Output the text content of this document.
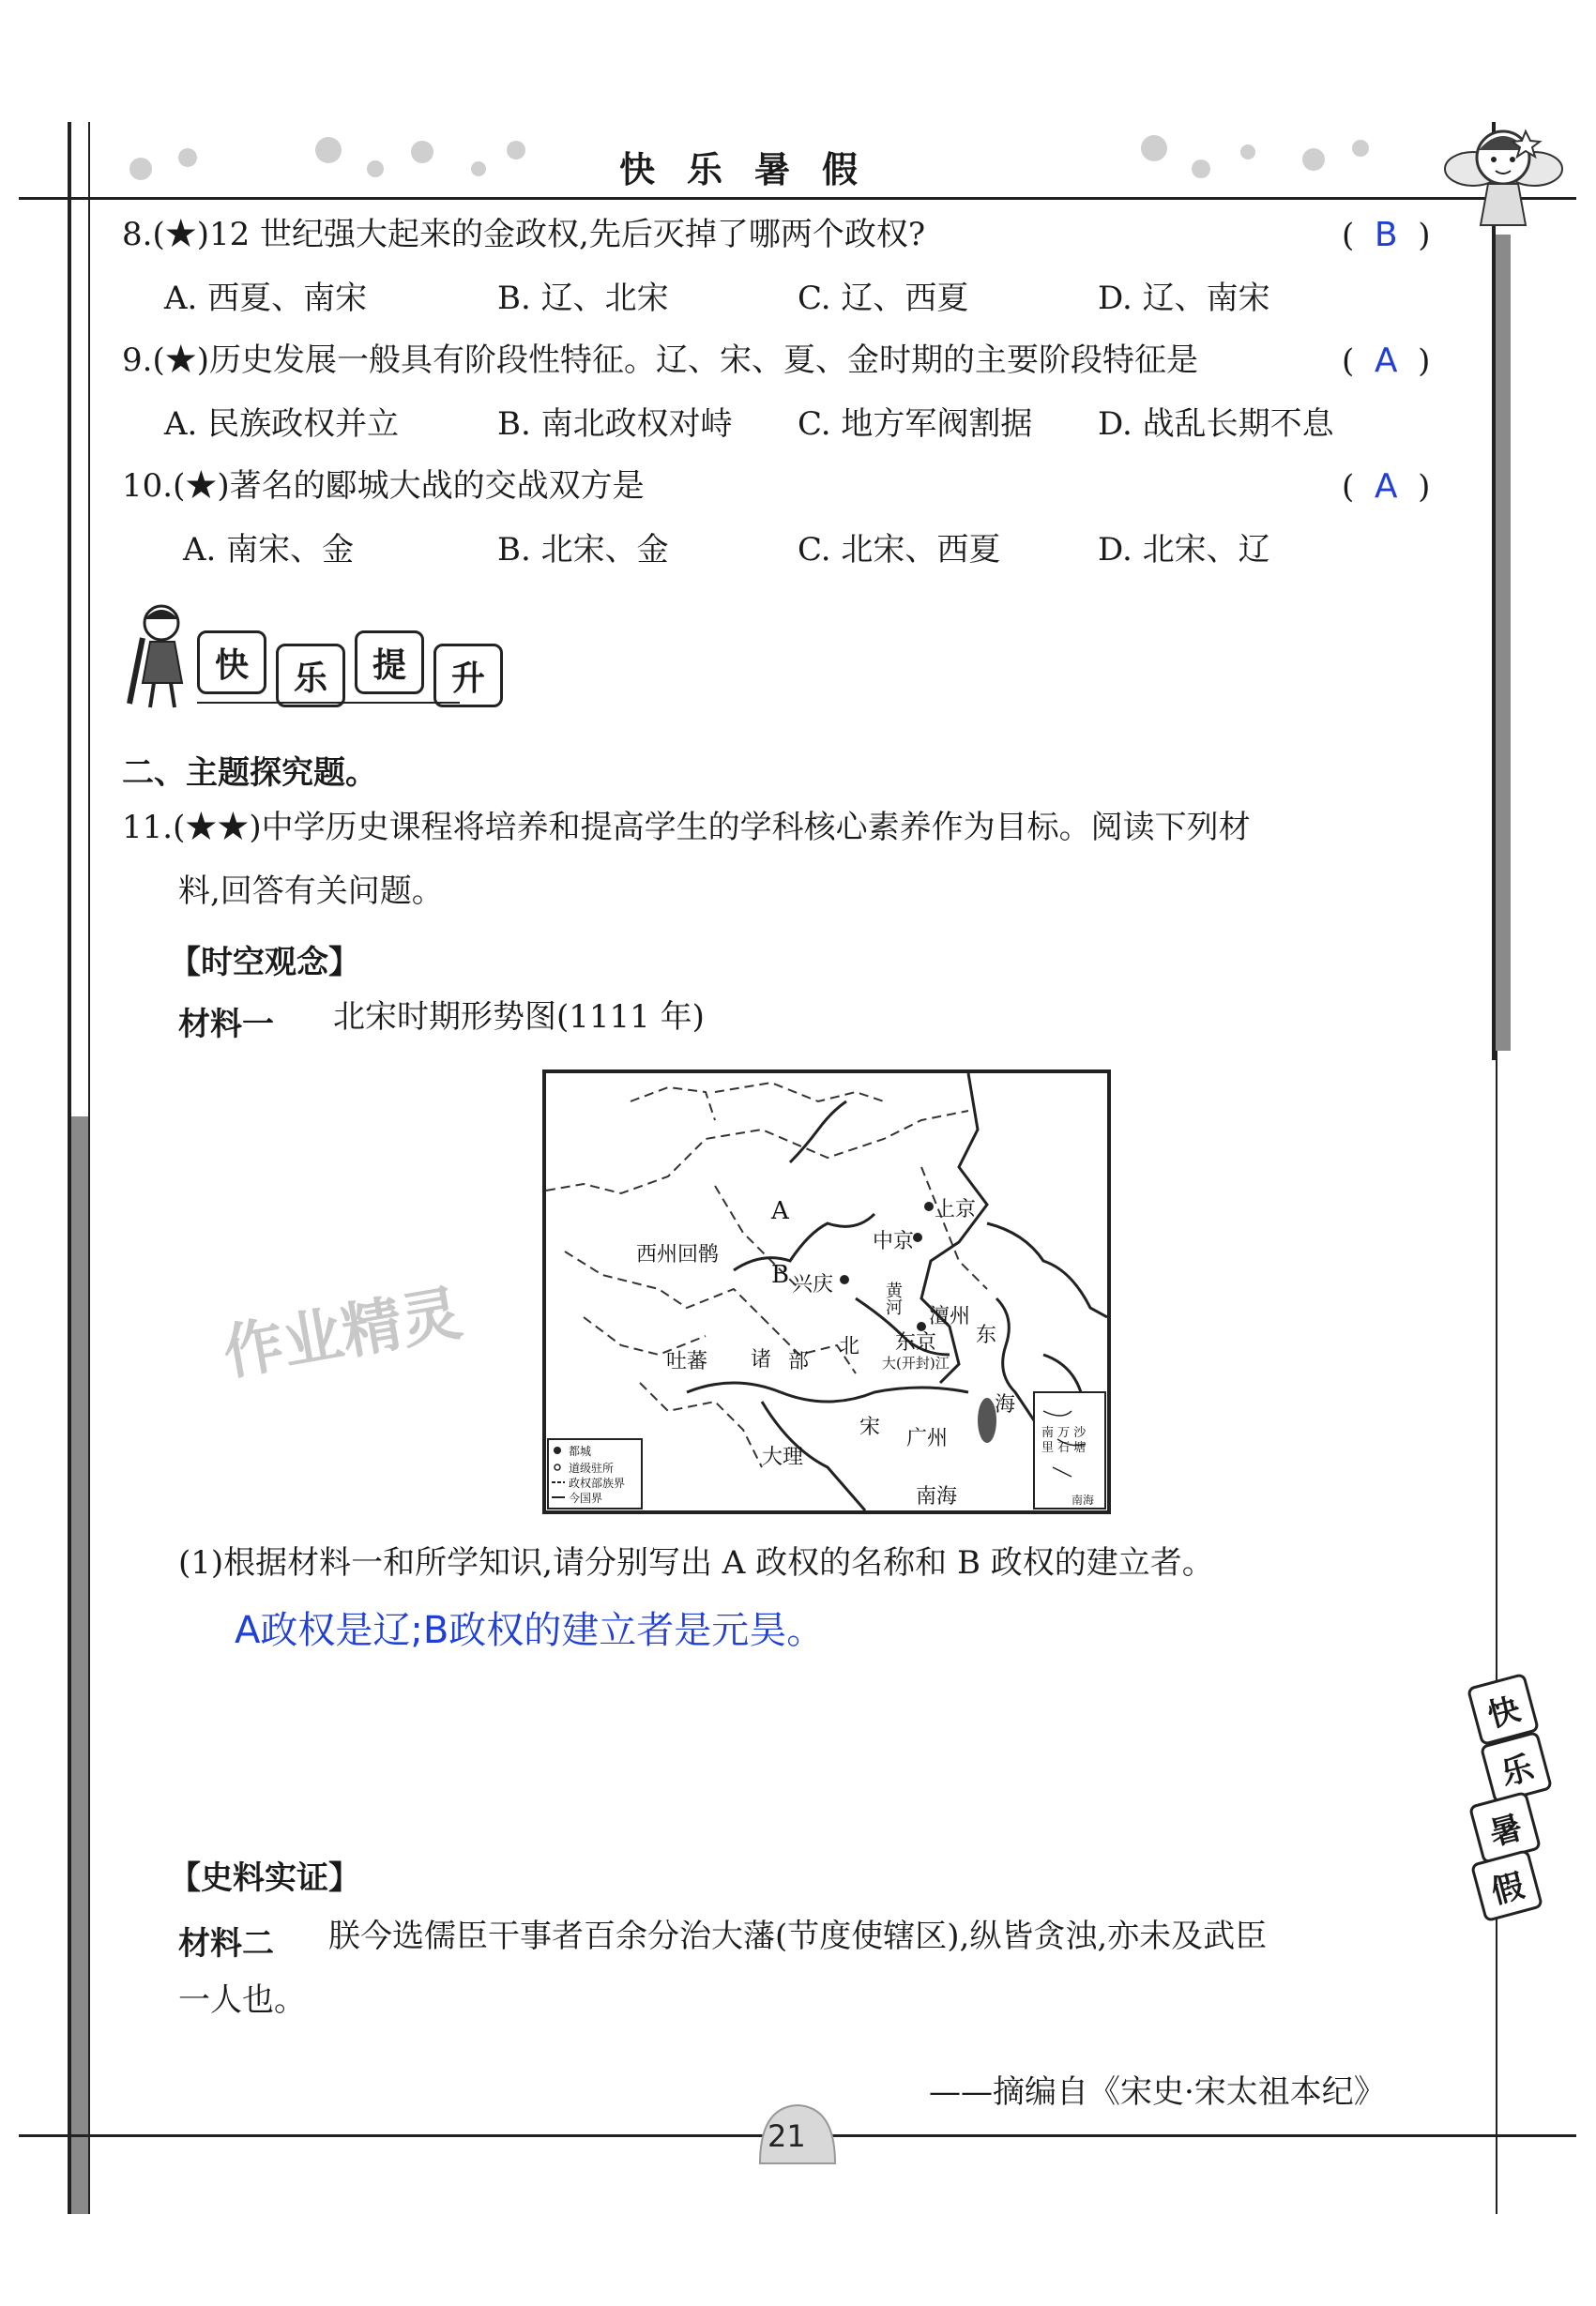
快乐暑假
8.(★)12 世纪强大起来的金政权,先后灭掉了哪两个政权?	(  B  )
A. 西夏、南宋	B. 辽、北宋	C. 辽、西夏	D. 辽、南宋
9.(★)历史发展一般具有阶段性特征。辽、宋、夏、金时期的主要阶段特征是	(  A  )
A. 民族政权并立	B. 南北政权对峙 C. 地方军阀割据 D. 战乱长期不息
10.(★)著名的郾城大战的交战双方是	(  A  )
A. 南宋、金	B. 北宋、金	C. 北宋、西夏	D. 北宋、辽
快	乐	提	升
二、主题探究题。
11.(★★)中学历史课程将培养和提高学生的学科核心素养作为目标。阅读下列材
料,回答有关问题。
【时空观念】
材料一 北宋时期形势图(1111 年)
A
B
上京
中京
西州回鹘
兴庆	黄河
澶州
东京
北	东
大(开封)江
吐蕃 诸 部
宋
大理
广州
海
南海
南 万 沙 里 石 塘
南海
都城
道级驻所
政权部族界
今国界
作业精灵
(1)根据材料一和所学知识,请分别写出 A 政权的名称和 B 政权的建立者。
A政权是辽;B政权的建立者是元昊。
【史料实证】
材料二 朕今选儒臣干事者百余分治大藩(节度使辖区),纵皆贪浊,亦未及武臣
一人也。
——摘编自《宋史·宋太祖本纪》
快
乐
暑
假
21
